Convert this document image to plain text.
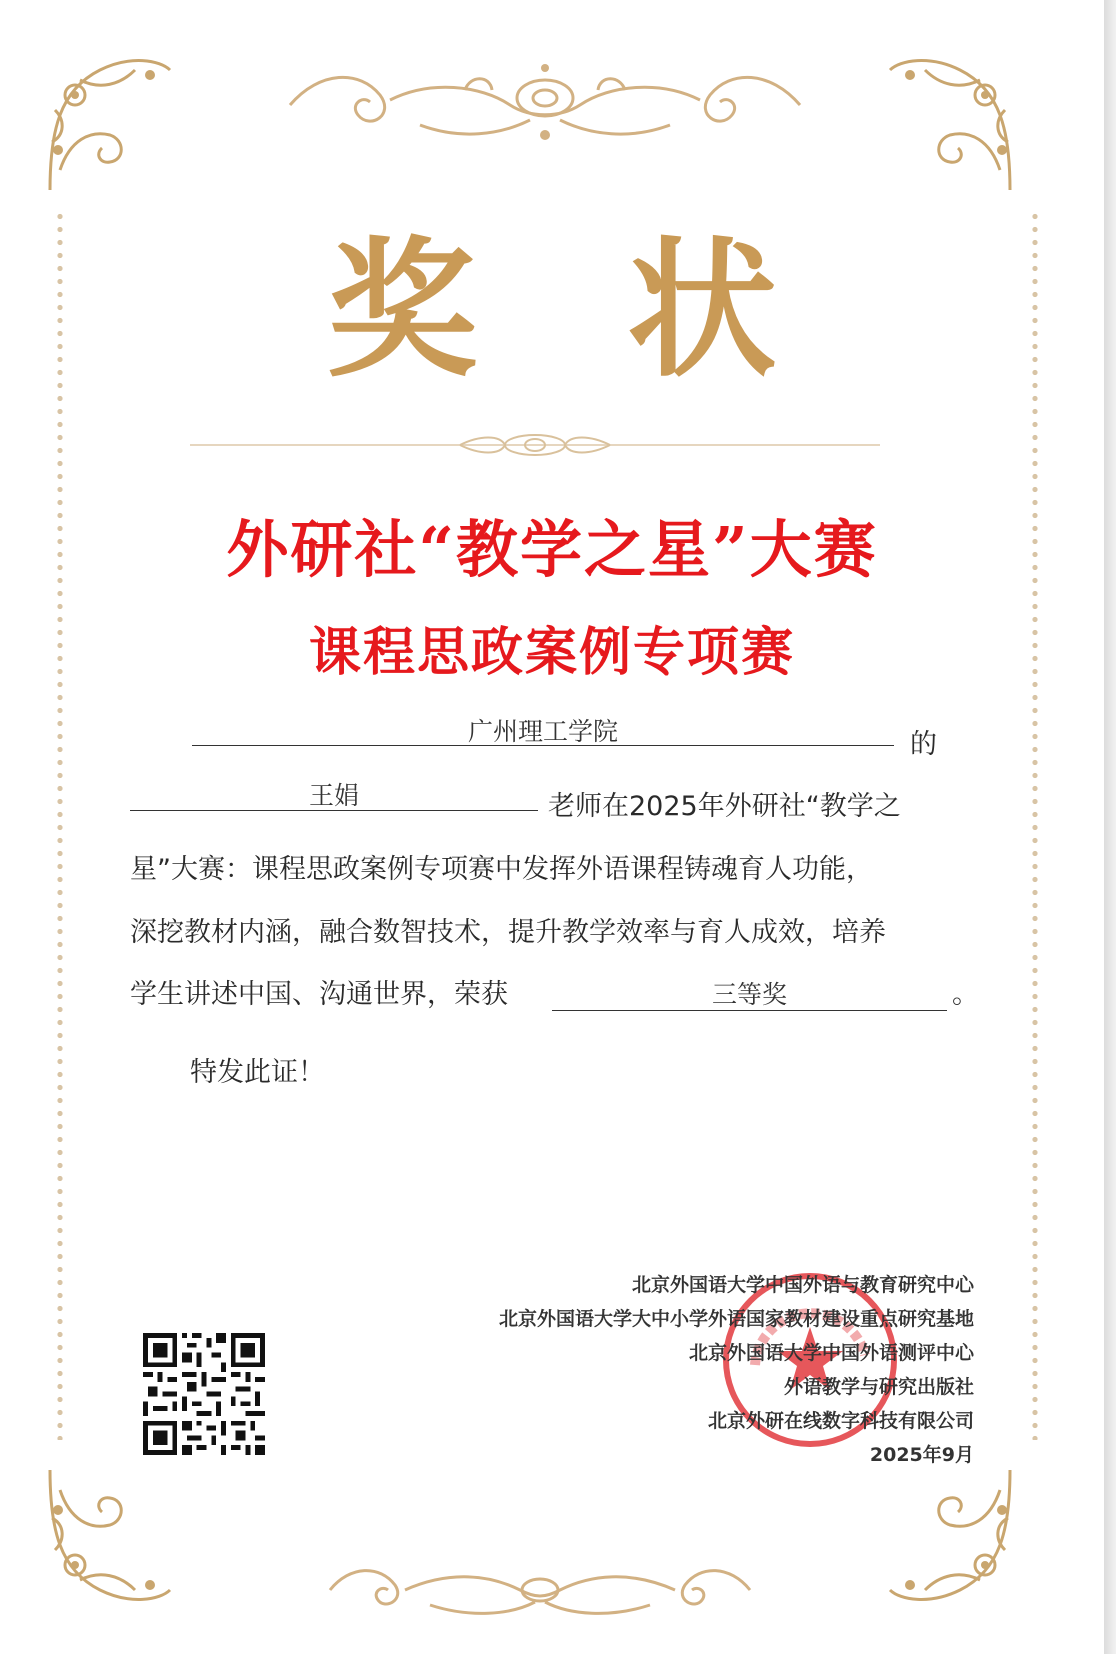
奖 状
外研社“教学之星”大赛
课程思政案例专项赛
广州理工学院	的
王娟	老师在2025年外研社“教学之
星”大赛：课程思政案例专项赛中发挥外语课程铸魂育人功能，
深挖教材内涵，融合数智技术，提升教学效率与育人成效，培养
学生讲述中国、沟通世界，荣获	三等奖	。
特发此证！
北京外国语大学中国外语与教育研究中心
北京外国语大学大中小学外语国家教材建设重点研究基地
北京外国语大学中国外语测评中心
外语教学与研究出版社
北京外研在线数字科技有限公司
2025年9月
